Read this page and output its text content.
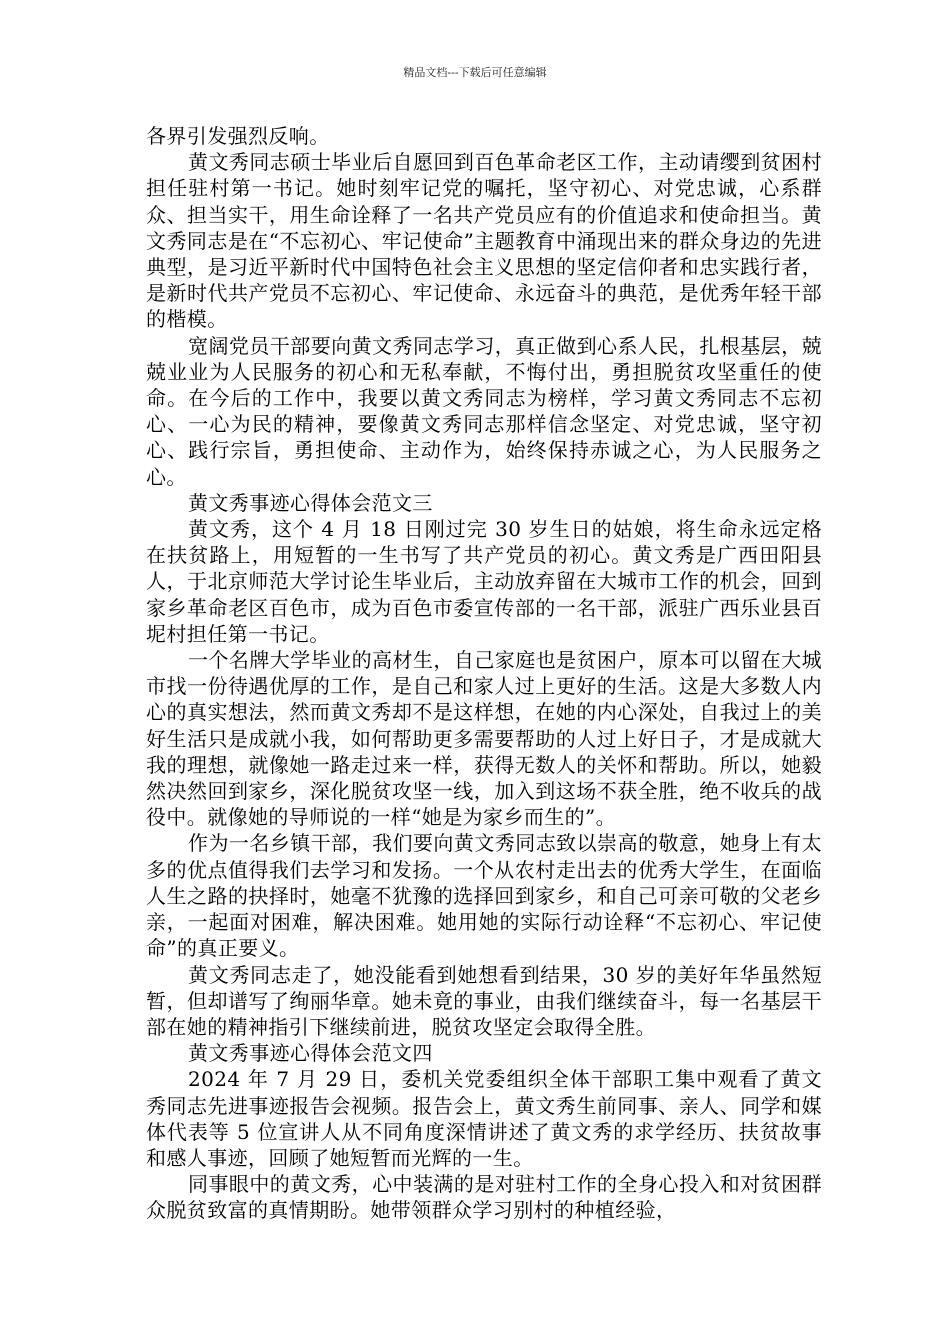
精品文档---下载后可任意编辑

各界引发强烈反响。

黄文秀同志硕士毕业后自愿回到百色革命老区工作，主动请缨到贫困村担任驻村第一书记。她时刻牢记党的嘱托，坚守初心、对党忠诚，心系群众、担当实干，用生命诠释了一名共产党员应有的价值追求和使命担当。黄文秀同志是在“不忘初心、牢记使命”主题教育中涌现出来的群众身边的先进典型，是习近平新时代中国特色社会主义思想的坚定信仰者和忠实践行者，是新时代共产党员不忘初心、牢记使命、永远奋斗的典范，是优秀年轻干部的楷模。

宽阔党员干部要向黄文秀同志学习，真正做到心系人民，扎根基层，兢兢业业为人民服务的初心和无私奉献，不悔付出，勇担脱贫攻坚重任的使命。在今后的工作中，我要以黄文秀同志为榜样，学习黄文秀同志不忘初心、一心为民的精神，要像黄文秀同志那样信念坚定、对党忠诚，坚守初心、践行宗旨，勇担使命、主动作为，始终保持赤诚之心，为人民服务之心。

黄文秀事迹心得体会范文三

黄文秀，这个 4 月 18 日刚过完 30 岁生日的姑娘，将生命永远定格在扶贫路上，用短暂的一生书写了共产党员的初心。黄文秀是广西田阳县人，于北京师范大学讨论生毕业后，主动放弃留在大城市工作的机会，回到家乡革命老区百色市，成为百色市委宣传部的一名干部，派驻广西乐业县百坭村担任第一书记。

一个名牌大学毕业的高材生，自己家庭也是贫困户，原本可以留在大城市找一份待遇优厚的工作，是自己和家人过上更好的生活。这是大多数人内心的真实想法，然而黄文秀却不是这样想，在她的内心深处，自我过上的美好生活只是成就小我，如何帮助更多需要帮助的人过上好日子，才是成就大我的理想，就像她一路走过来一样，获得无数人的关怀和帮助。所以，她毅然决然回到家乡，深化脱贫攻坚一线，加入到这场不获全胜，绝不收兵的战役中。就像她的导师说的一样“她是为家乡而生的”。

作为一名乡镇干部，我们要向黄文秀同志致以崇高的敬意，她身上有太多的优点值得我们去学习和发扬。一个从农村走出去的优秀大学生，在面临人生之路的抉择时，她毫不犹豫的选择回到家乡，和自己可亲可敬的父老乡亲，一起面对困难，解决困难。她用她的实际行动诠释“不忘初心、牢记使命”的真正要义。

黄文秀同志走了，她没能看到她想看到结果，30 岁的美好年华虽然短暂，但却谱写了绚丽华章。她未竟的事业，由我们继续奋斗，每一名基层干部在她的精神指引下继续前进，脱贫攻坚定会取得全胜。

黄文秀事迹心得体会范文四

2024 年 7 月 29 日，委机关党委组织全体干部职工集中观看了黄文秀同志先进事迹报告会视频。报告会上，黄文秀生前同事、亲人、同学和媒体代表等 5 位宣讲人从不同角度深情讲述了黄文秀的求学经历、扶贫故事和感人事迹，回顾了她短暂而光辉的一生。

同事眼中的黄文秀，心中装满的是对驻村工作的全身心投入和对贫困群众脱贫致富的真情期盼。她带领群众学习别村的种植经验，
